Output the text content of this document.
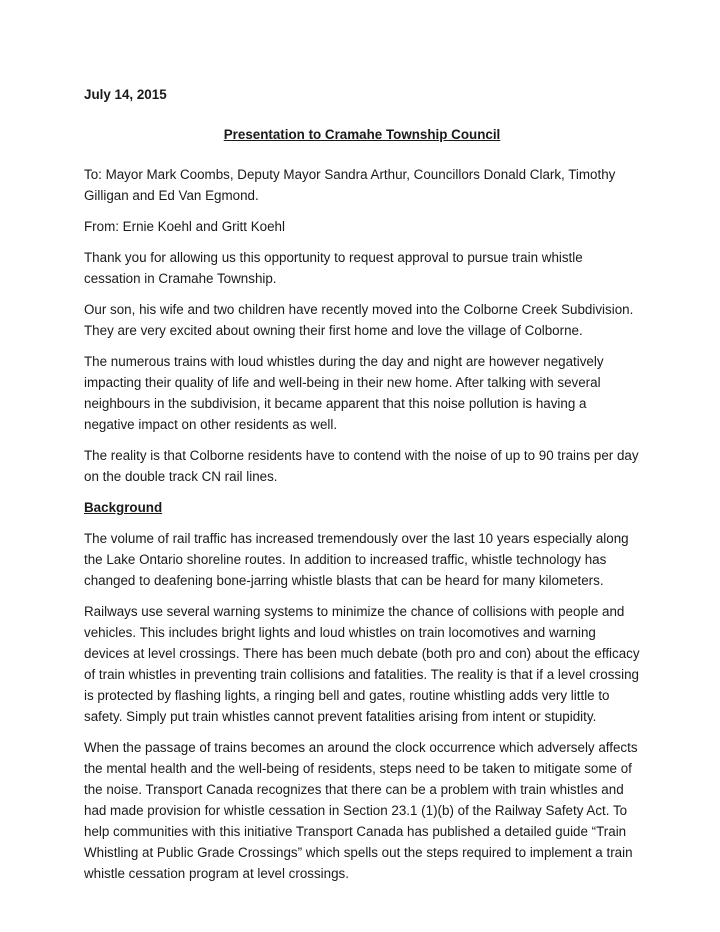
July 14, 2015

Presentation to Cramahe Township Council

To: Mayor Mark Coombs, Deputy Mayor Sandra Arthur, Councillors Donald Clark, Timothy Gilligan and Ed Van Egmond.

From: Ernie Koehl and Gritt Koehl

Thank you for allowing us this opportunity to request approval to pursue train whistle cessation in Cramahe Township.

Our son, his wife and two children have recently moved into the Colborne Creek Subdivision. They are very excited about owning their first home and love the village of Colborne.

The numerous trains with loud whistles during the day and night are however negatively impacting their quality of life and well-being in their new home. After talking with several neighbours in the subdivision, it became apparent that this noise pollution is having a negative impact on other residents as well.

The reality is that Colborne residents have to contend with the noise of up to 90 trains per day on the double track CN rail lines.

Background

The volume of rail traffic has increased tremendously over the last 10 years especially along the Lake Ontario shoreline routes. In addition to increased traffic, whistle technology has changed to deafening bone-jarring whistle blasts that can be heard for many kilometers.

Railways use several warning systems to minimize the chance of collisions with people and vehicles. This includes bright lights and loud whistles on train locomotives and warning devices at level crossings. There has been much debate (both pro and con) about the efficacy of train whistles in preventing train collisions and fatalities. The reality is that if a level crossing is protected by flashing lights, a ringing bell and gates, routine whistling adds very little to safety. Simply put train whistles cannot prevent fatalities arising from intent or stupidity.

When the passage of trains becomes an around the clock occurrence which adversely affects the mental health and the well-being of residents, steps need to be taken to mitigate some of the noise. Transport Canada recognizes that there can be a problem with train whistles and had made provision for whistle cessation in Section 23.1 (1)(b) of the Railway Safety Act. To help communities with this initiative Transport Canada has published a detailed guide “Train Whistling at Public Grade Crossings” which spells out the steps required to implement a train whistle cessation program at level crossings.
